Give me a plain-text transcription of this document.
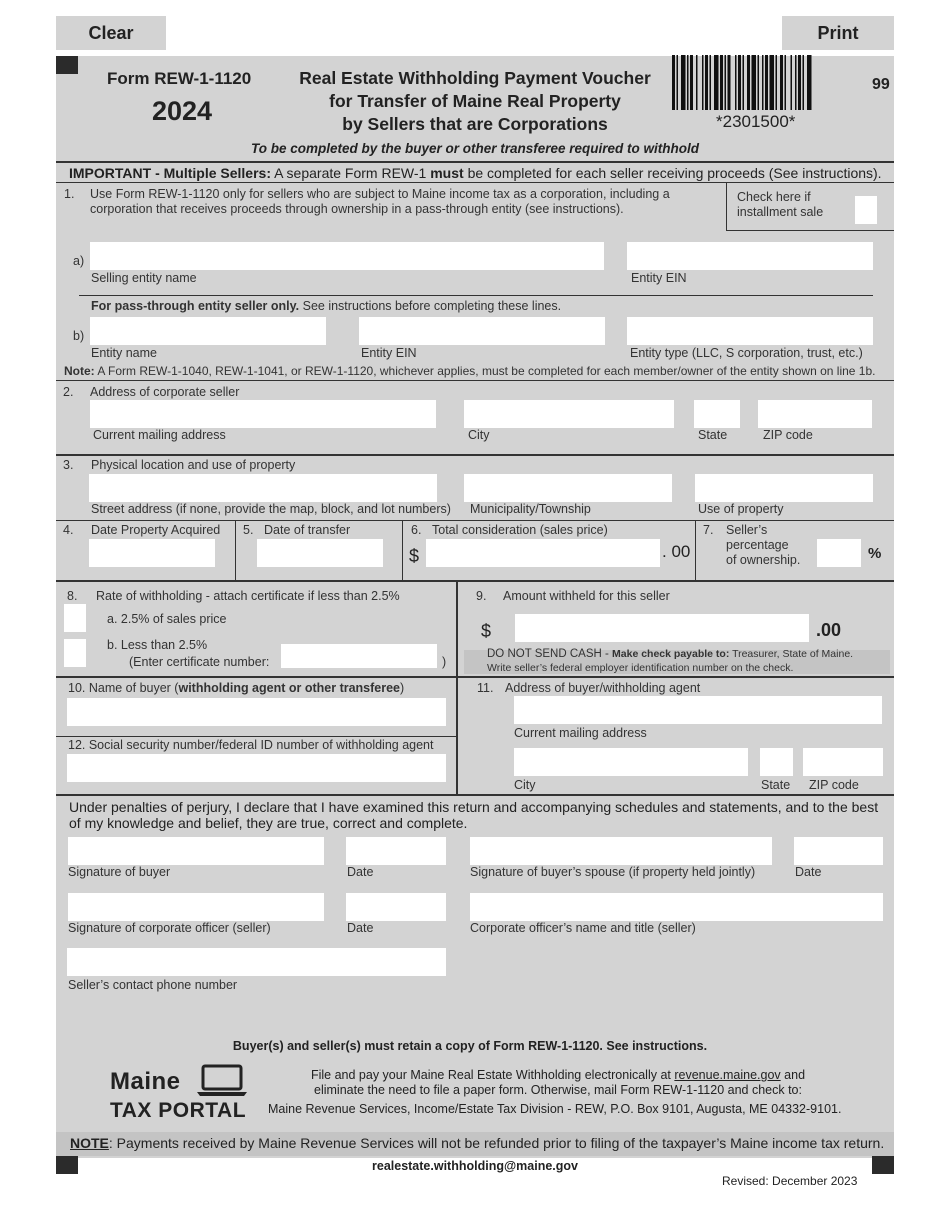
Clear	Print
Form REW-1-1120
2024
Real Estate Withholding Payment Voucher
for Transfer of Maine Real Property
by Sellers that are Corporations	*2301500*
99
To be completed by the buyer or other transferee required to withhold
IMPORTANT - Multiple Sellers: A separate Form REW-1 must be completed for each seller receiving proceeds (See instructions).
1. Use Form REW-1-1120 only for sellers who are subject to Maine income tax as a corporation, including a
corporation that receives proceeds through ownership in a pass-through entity (see instructions).
Check here if
installment sale
a)
Selling entity name	Entity EIN
For pass-through entity seller only. See instructions before completing these lines.
b)
Entity name	Entity EIN	Entity type (LLC, S corporation, trust, etc.)
Note: A Form REW-1-1040, REW-1-1041, or REW-1-1120, whichever applies, must be completed for each member/owner of the entity shown on line 1b.
2. Address of corporate seller
Current mailing address	City	State	ZIP code
3. Physical location and use of property
Street address (if none, provide the map, block, and lot numbers) Municipality/Township	Use of property
4. Date Property Acquired 5. Date of transfer	6. Total consideration (sales price)
$	. 00
7. Seller’s
percentage
of ownership.	%
8. Rate of withholding - attach certificate if less than 2.5%
a. 2.5% of sales price
b. Less than 2.5%
(Enter certificate number:	)
9. Amount withheld for this seller
$	.00
DO NOT SEND CASH - Make check payable to: Treasurer, State of Maine.
Write seller’s federal employer identification number on the check.
10. Name of buyer (withholding agent or other transferee)
12. Social security number/federal ID number of withholding agent
11. Address of buyer/withholding agent
Current mailing address
City	State ZIP code
Under penalties of perjury, I declare that I have examined this return and accompanying schedules and statements, and to the best
of my knowledge and belief, they are true, correct and complete.
Signature of buyer	Date	Signature of buyer’s spouse (if property held jointly)	Date
Signature of corporate officer (seller)	Date	Corporate officer’s name and title (seller)
Seller’s contact phone number
Buyer(s) and seller(s) must retain a copy of Form REW-1-1120. See instructions.
Maine
TAX PORTAL
File and pay your Maine Real Estate Withholding electronically at revenue.maine.gov and
eliminate the need to file a paper form. Otherwise, mail Form REW-1-1120 and check to:
Maine Revenue Services, Income/Estate Tax Division - REW, P.O. Box 9101, Augusta, ME 04332-9101.
NOTE: Payments received by Maine Revenue Services will not be refunded prior to filing of the taxpayer’s Maine income tax return.
realestate.withholding@maine.gov
Revised: December 2023
